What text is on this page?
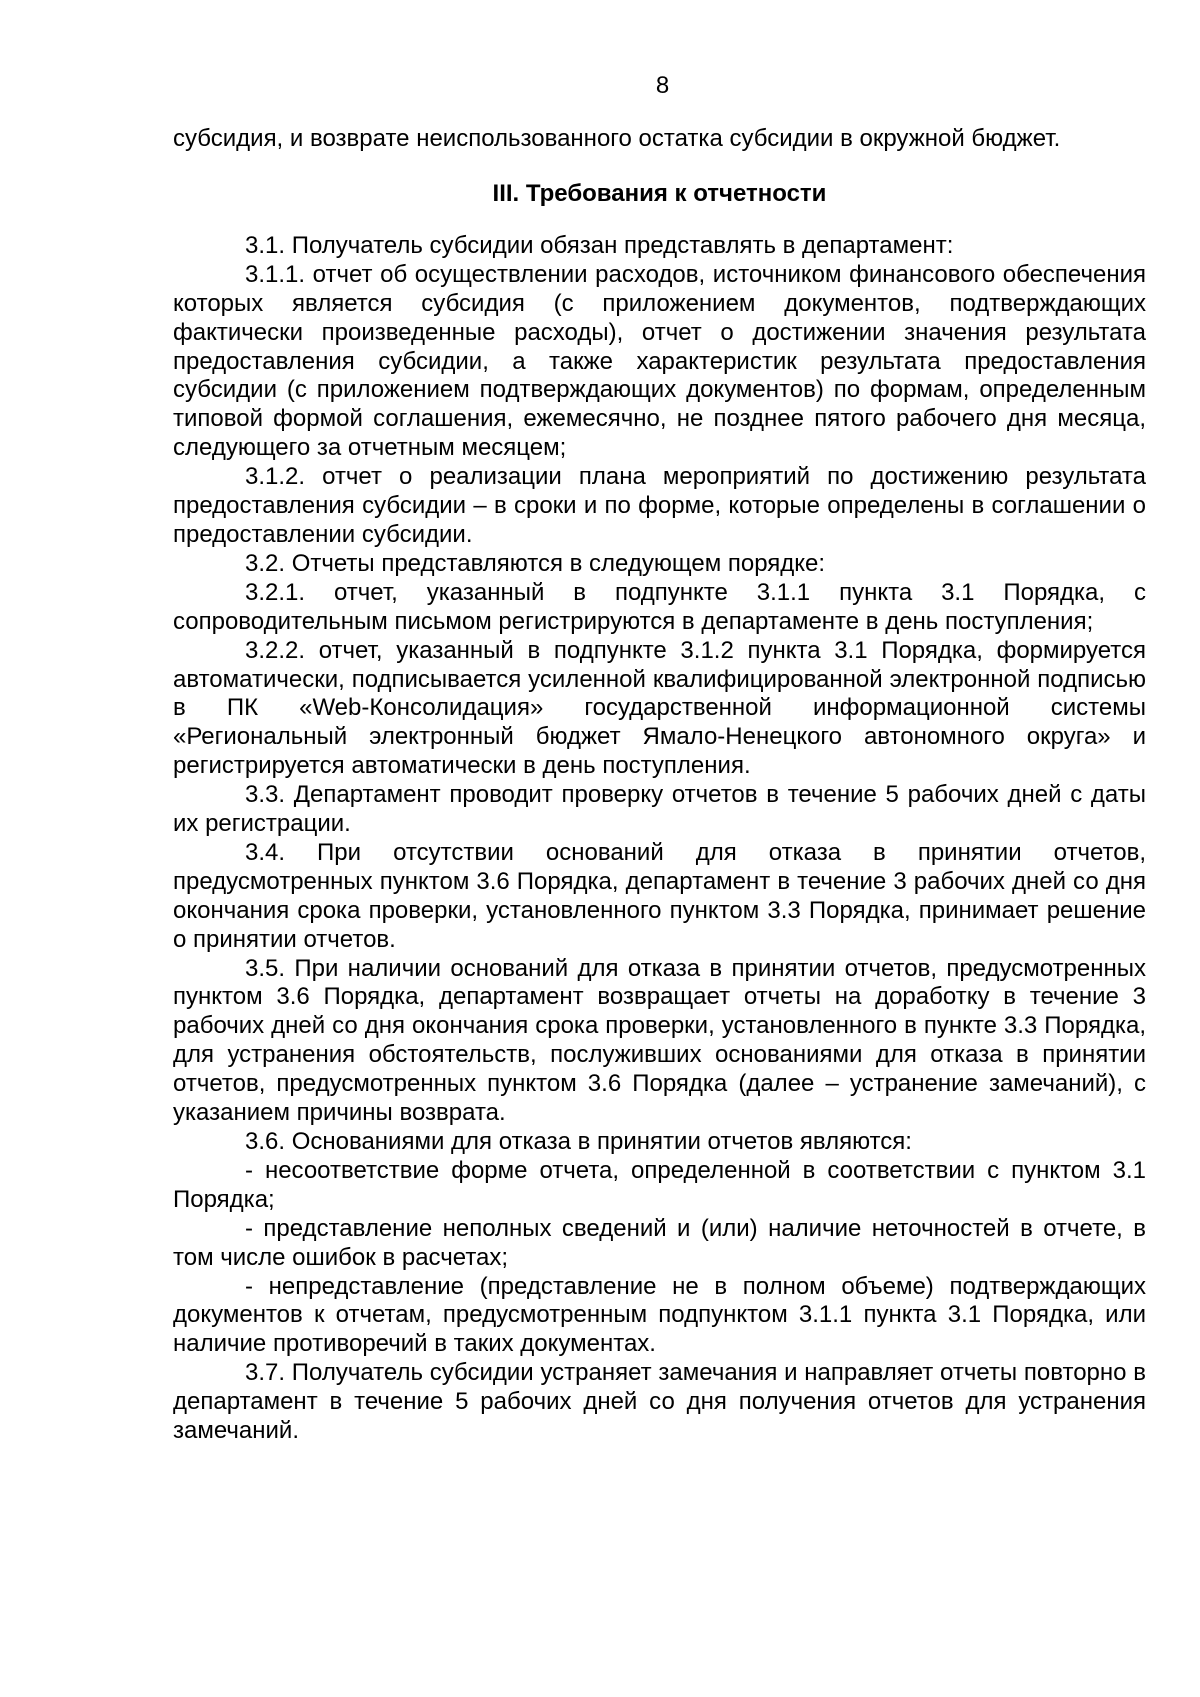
8

субсидия, и возврате неиспользованного остатка субсидии в окружной бюджет.

III. Требования к отчетности

3.1. Получатель субсидии обязан представлять в департамент:

3.1.1. отчет об осуществлении расходов, источником финансового обеспечения которых является субсидия (с приложением документов, подтверждающих фактически произведенные расходы), отчет о достижении значения результата предоставления субсидии, а также характеристик результата предоставления субсидии (с приложением подтверждающих документов) по формам, определенным типовой формой соглашения, ежемесячно, не позднее пятого рабочего дня месяца, следующего за отчетным месяцем;

3.1.2. отчет о реализации плана мероприятий по достижению результата предоставления субсидии – в сроки и по форме, которые определены в соглашении о предоставлении субсидии.

3.2. Отчеты представляются в следующем порядке:

3.2.1. отчет, указанный в подпункте 3.1.1 пункта 3.1 Порядка, с сопроводительным письмом регистрируются в департаменте в день поступления;

3.2.2. отчет, указанный в подпункте 3.1.2 пункта 3.1 Порядка, формируется автоматически, подписывается усиленной квалифицированной электронной подписью в ПК «Web-Консолидация» государственной информационной системы «Региональный электронный бюджет Ямало-Ненецкого автономного округа» и регистрируется автоматически в день поступления.

3.3. Департамент проводит проверку отчетов в течение 5 рабочих дней с даты их регистрации.

3.4. При отсутствии оснований для отказа в принятии отчетов, предусмотренных пунктом 3.6 Порядка, департамент в течение 3 рабочих дней со дня окончания срока проверки, установленного пунктом 3.3 Порядка, принимает решение о принятии отчетов.

3.5. При наличии оснований для отказа в принятии отчетов, предусмотренных пунктом 3.6 Порядка, департамент возвращает отчеты на доработку в течение 3 рабочих дней со дня окончания срока проверки, установленного в пункте 3.3 Порядка, для устранения обстоятельств, послуживших основаниями для отказа в принятии отчетов, предусмотренных пунктом 3.6 Порядка (далее – устранение замечаний), с указанием причины возврата.

3.6. Основаниями для отказа в принятии отчетов являются:

- несоответствие форме отчета, определенной в соответствии с пунктом 3.1 Порядка;

- представление неполных сведений и (или) наличие неточностей в отчете, в том числе ошибок в расчетах;

- непредставление (представление не в полном объеме) подтверждающих документов к отчетам, предусмотренным подпунктом 3.1.1 пункта 3.1 Порядка, или наличие противоречий в таких документах.

3.7. Получатель субсидии устраняет замечания и направляет отчеты повторно в департамент в течение 5 рабочих дней со дня получения отчетов для устранения замечаний.
